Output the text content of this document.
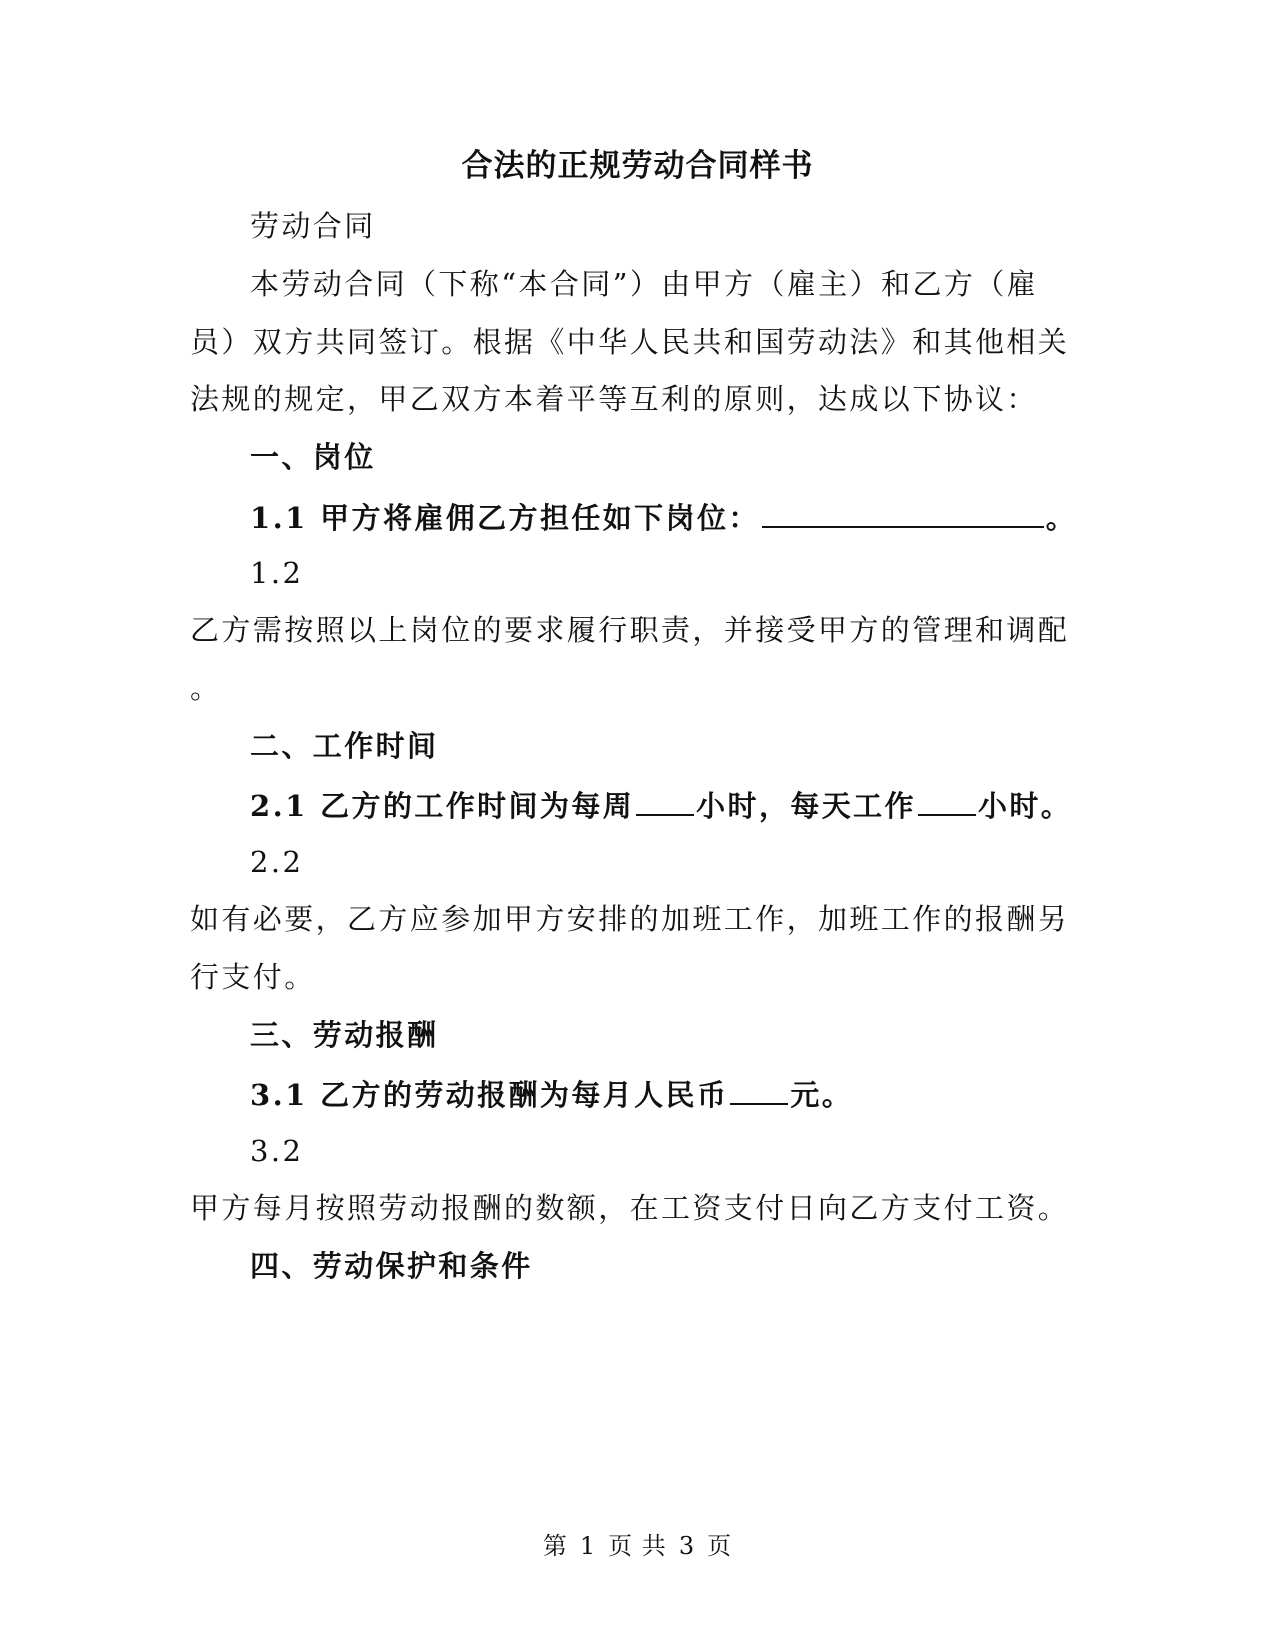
合法的正规劳动合同样书
劳动合同
本劳动合同（下称“本合同”）由甲方（雇主）和乙方（雇
员）双方共同签订。根据《中华人民共和国劳动法》和其他相关
法规的规定，甲乙双方本着平等互利的原则，达成以下协议：
一、岗位
1.1 甲方将雇佣乙方担任如下岗位：	。
1.2
乙方需按照以上岗位的要求履行职责，并接受甲方的管理和调配
。
二、工作时间
2.1 乙方的工作时间为每周 小时，每天工作 小时。
2.2
如有必要，乙方应参加甲方安排的加班工作，加班工作的报酬另
行支付。
三、劳动报酬
3.1 乙方的劳动报酬为每月人民币 元。
3.2
甲方每月按照劳动报酬的数额，在工资支付日向乙方支付工资。
四、劳动保护和条件
第 1 页 共 3 页
